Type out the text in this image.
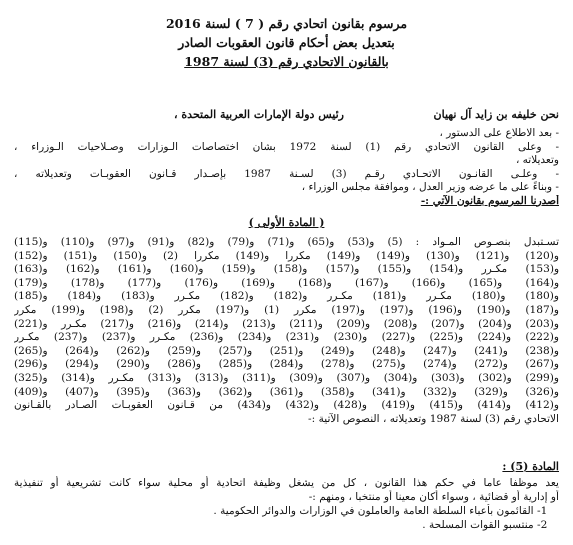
مرسوم بقانون اتحادي رقم ( 7 ) لسنة 2016
بتعديل بعض أحكام قانون العقوبات الصادر
بالقانون الاتحادي رقم (3) لسنة 1987
نحن خليفه بن زايد آل نهيان
رئيس دولة الإمارات العربية المتحدة ،
- بعد الاطلاع على الدستور ،
- وعلى القانون الاتحادي رقم (1) لسنة 1972 بشأن اختصاصات الـوزارات وصـلاحيات الـوزراء ،
وتعديلاته ،
- وعلـى القانـون الاتحـادي رقـم (3) لسـنة 1987 بإصـدار قـانون العقوبـات وتعديلاته ،
- وبناءً على ما عرضه وزير العدل ، وموافقة مجلس الوزراء ،
أصدرنا المرسوم بقانون الآتي :-
( المادة الأولى )
تسـتبدل بنصـوص المـواد : (5) و(53) و(65) و(71) و(79) و(82) و(91) و(97) و(110) و(115)
و(120) و(121) و(130) و(149) و(149) مكررا و(149) مكررا (2) و(150) و(151) و(152)
و(153) مكـرر و(154) و(155) و(157) و(158) و(159) و(160) و(161) و(162) و(163)
و(164) و(165) و(166) و(167) و(168) و(169) و(176) و(177) و(178) و(179)
و(180) و(180) مكـرر و(181) مكـرر و(182) و(182) مكـرر و(183) و(184) و(185)
و(187) و(190) و(196) و(197) و(197) مكرر (1) و(197) مكرر (2) و(198) و(199) مكرر
و(203) و(204) و(207) و(208) و(209) و(211) و(213) و(214) و(216) و(217) مكـرر و(221)
و(222) و(224) و(225) و(227) و(230) و(231) و(234) و(236) مكـرر و(237) و(237) مكـرر
و(238) و(241) و(247) و(248) و(249) و(251) و(257) و(259) و(262) و(264) و(265)
و(267) و(272) و(274) و(275) و(278) و(284) و(285) و(286) و(290) و(294) و(296)
و(299) و(302) و(303) و(304) و(307) و(309) و(311) و(313) و(313) مكـرر و(314) و(325)
و(326) و(329) و(332) و(341) و(358) و(361) و(362) و(363) و(395) و(407) و(409)
و(412) و(414) و(415) و(419) و(428) و(432) و(434) من قـانون العقوبـات الصـادر بالقـانون
الاتحادي رقم (3) لسنة 1987 وتعديلاته ، النصوص الآتية :-
المادة (5) :
يعد موظفا عاما في حكم هذا القانون ، كل من يشغل وظيفة اتحادية أو محلية سواء كانت تشريعية أو تنفيذية
أو إدارية أو قضائية ، وسواء أكان معينا أو منتخبا ، ومنهم :-
-1 القائمون بأعباء السلطة العامة والعاملون في الوزارات والدوائر الحكومية .
-2 منتسبو القوات المسلحة .
